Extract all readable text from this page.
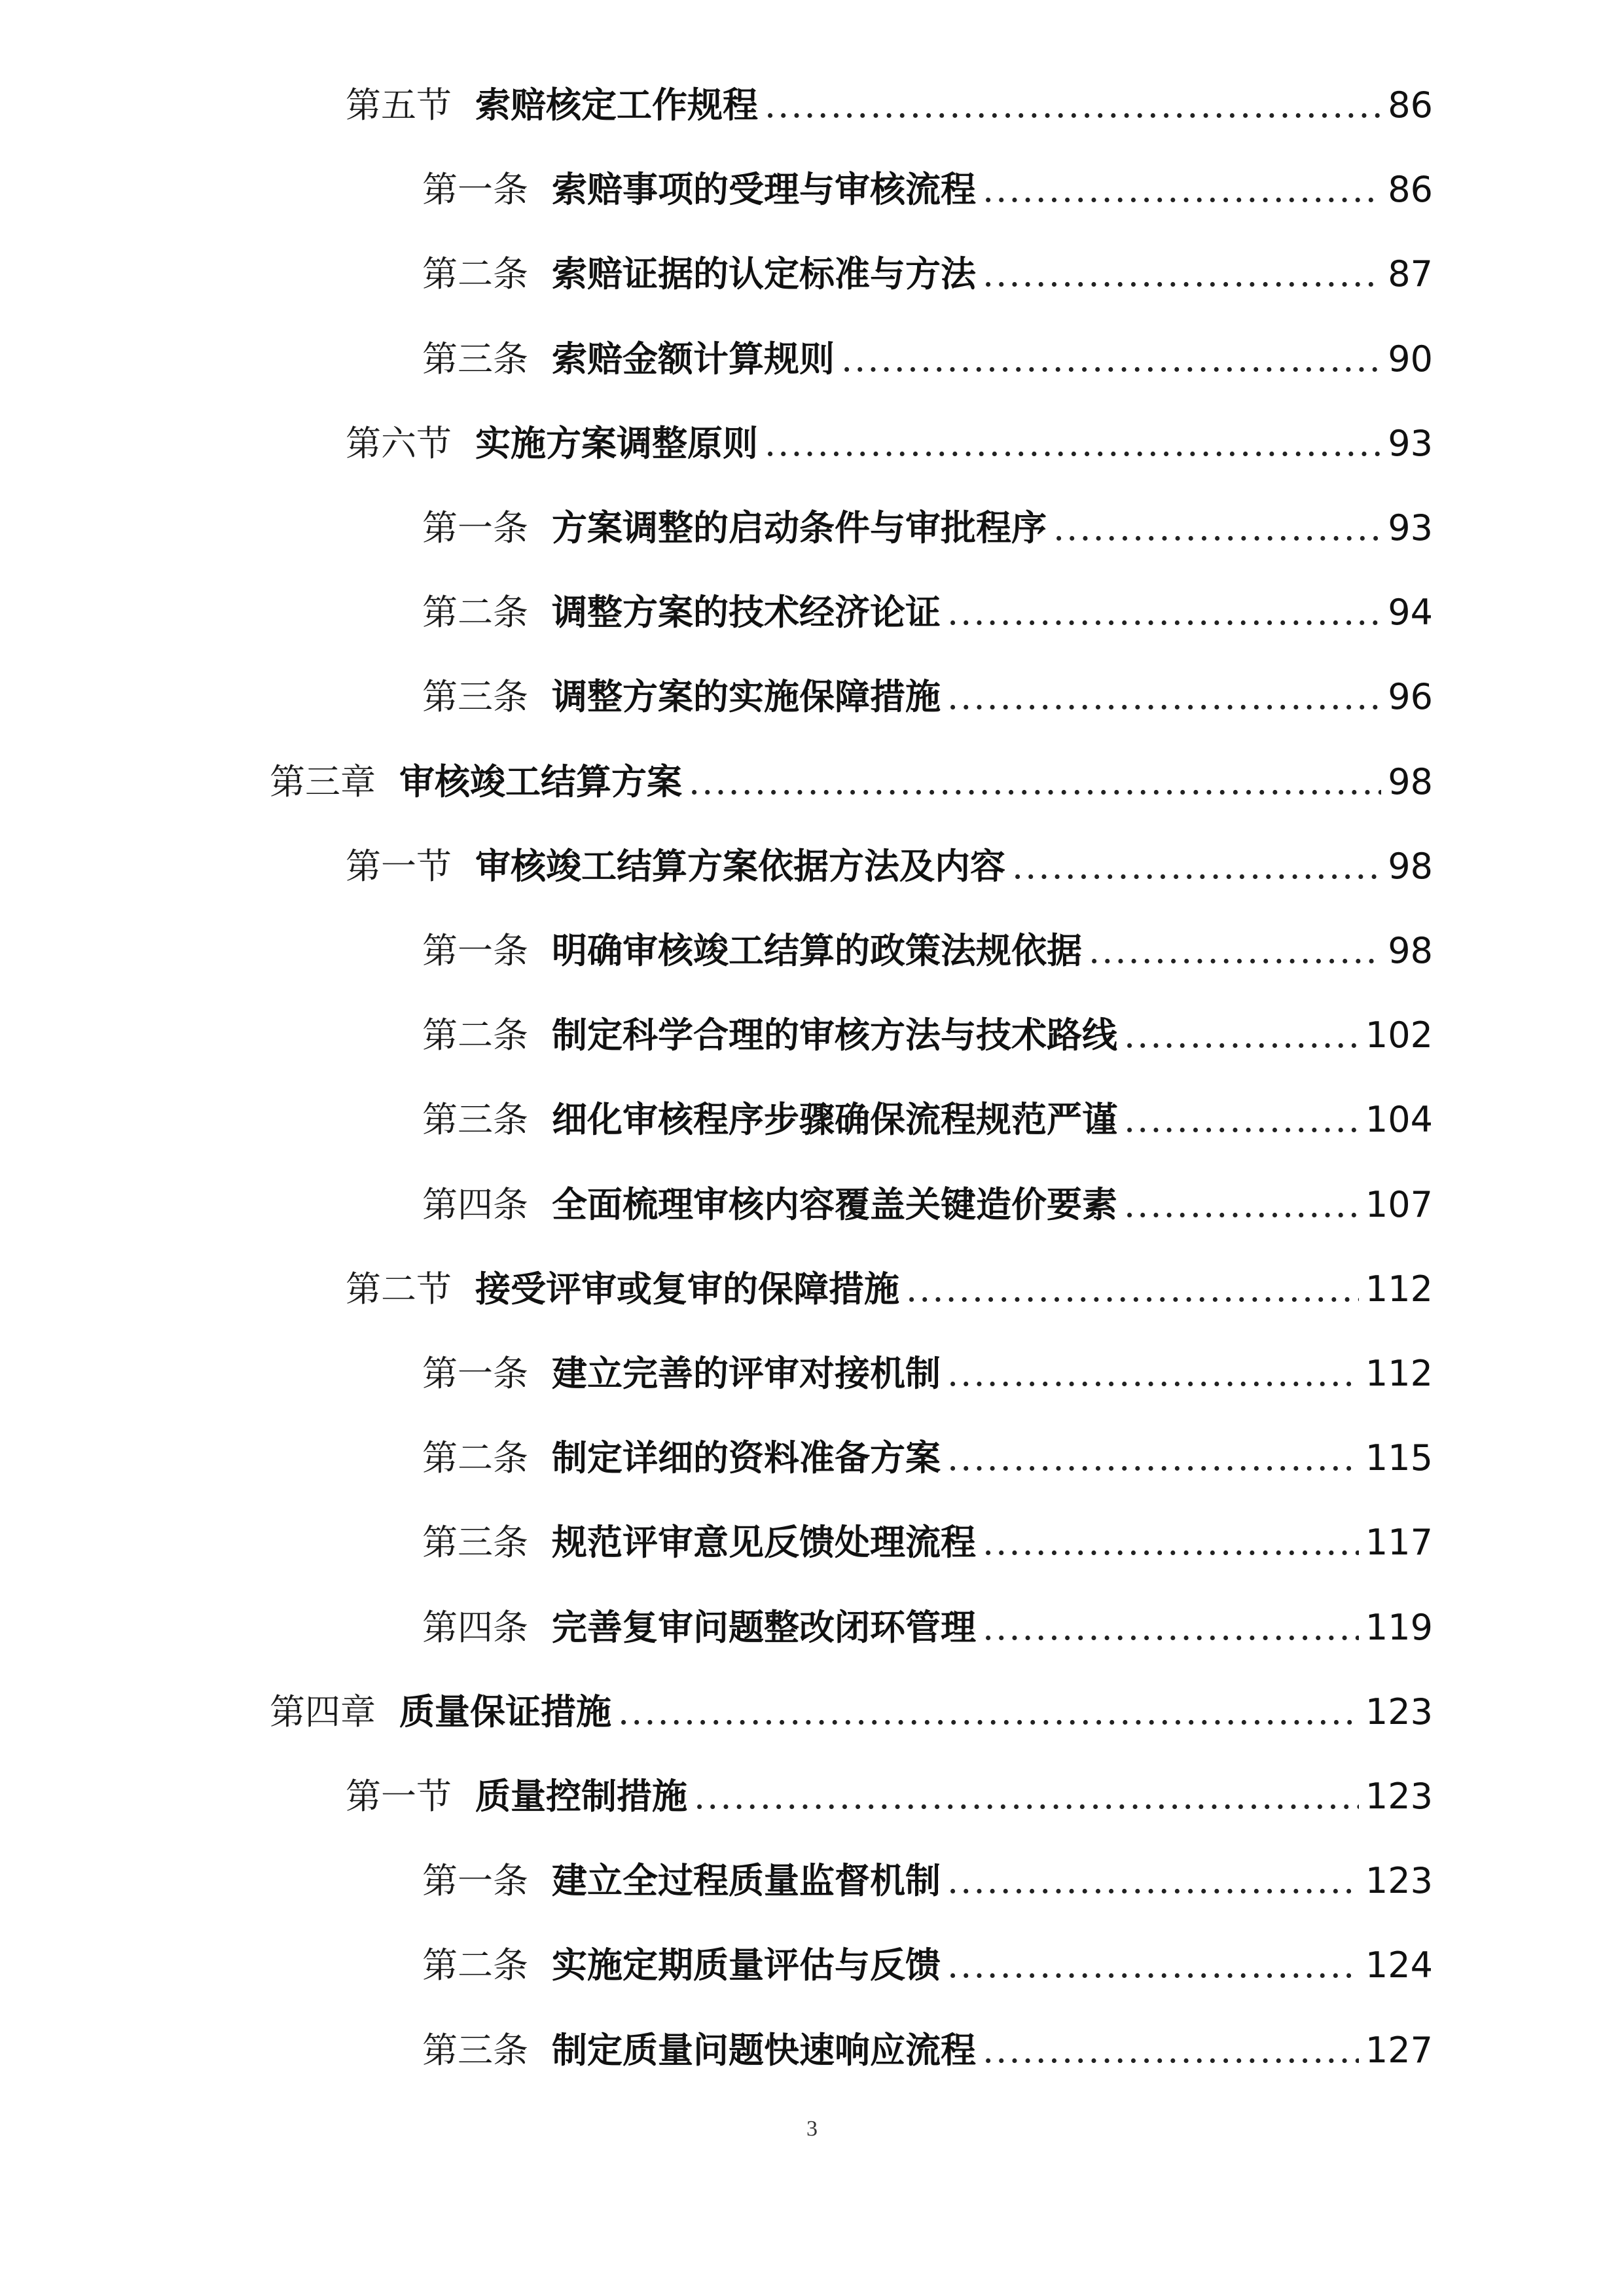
第五节 索赔核定工作规程 .....	86
第一条 索赔事项的受理与审核流程 .....	86
第二条 索赔证据的认定标准与方法 .....	87
第三条 索赔金额计算规则 .....	90
第六节 实施方案调整原则 .....	93
第一条 方案调整的启动条件与审批程序 .....	93
第二条 调整方案的技术经济论证 .....	94
第三条 调整方案的实施保障措施 .....	96
第三章 审核竣工结算方案 .....	98
第一节 审核竣工结算方案依据方法及内容 .....	98
第一条 明确审核竣工结算的政策法规依据 .....	98
第二条 制定科学合理的审核方法与技术路线 .....	102
第三条 细化审核程序步骤确保流程规范严谨 .....	104
第四条 全面梳理审核内容覆盖关键造价要素 .....	107
第二节 接受评审或复审的保障措施 .....	112
第一条 建立完善的评审对接机制 .....	112
第二条 制定详细的资料准备方案 .....	115
第三条 规范评审意见反馈处理流程 .....	117
第四条 完善复审问题整改闭环管理 .....	119
第四章 质量保证措施 .....	123
第一节 质量控制措施 .....	123
第一条 建立全过程质量监督机制 .....	123
第二条 实施定期质量评估与反馈 .....	124
第三条 制定质量问题快速响应流程 .....	127
3
